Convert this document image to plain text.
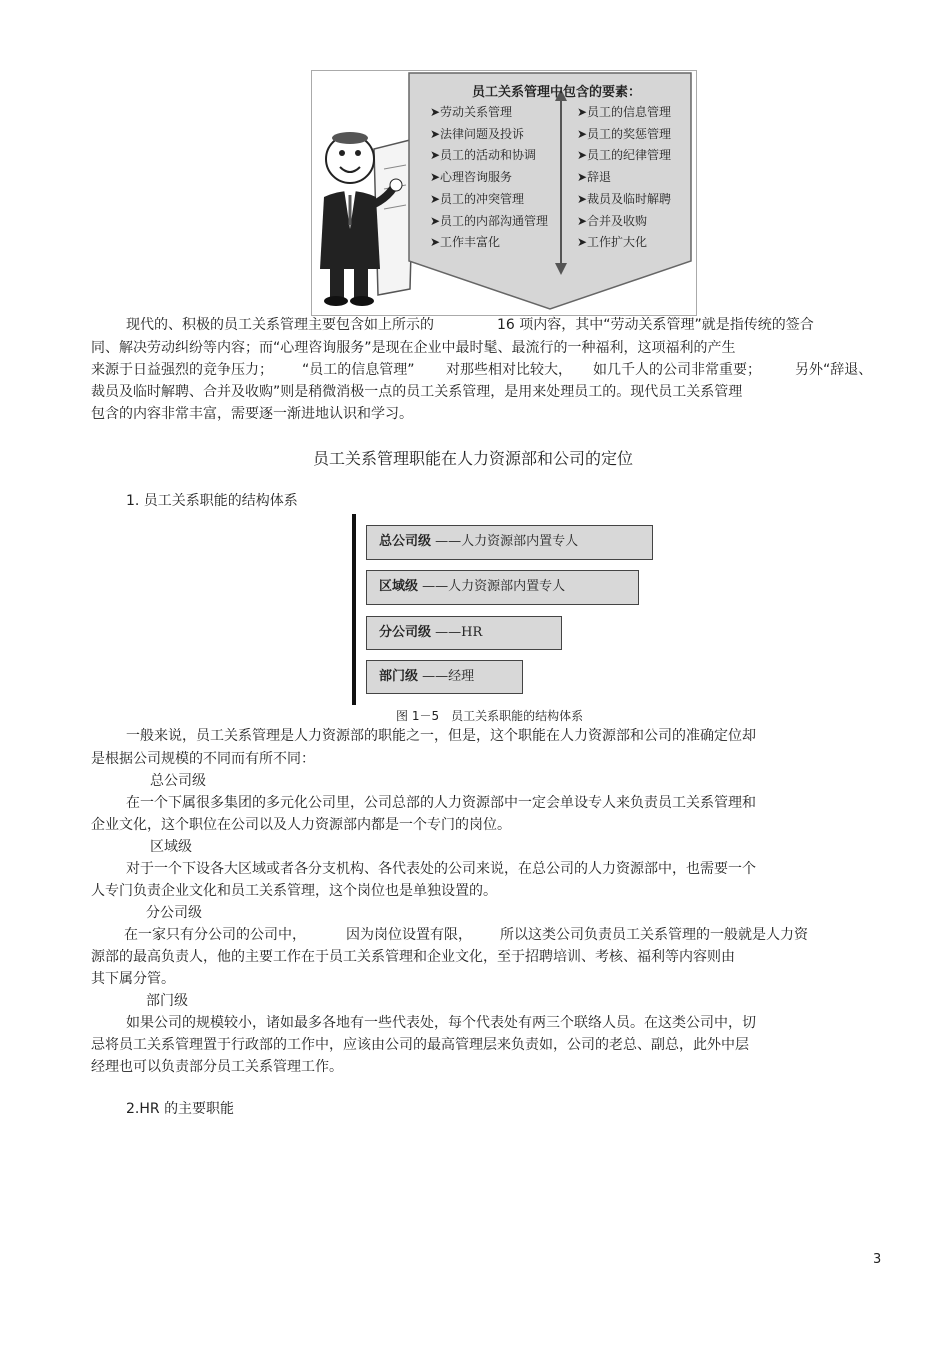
员工关系管理中包含的要素：
➤劳动关系管理
➤法律问题及投诉
➤员工的活动和协调
➤心理咨询服务
➤员工的冲突管理
➤员工的内部沟通管理
➤工作丰富化
➤员工的信息管理
➤员工的奖惩管理
➤员工的纪律管理
➤辞退
➤裁员及临时解聘
➤合并及收购
➤工作扩大化
现代的、积极的员工关系管理主要包含如上所示的	16 项内容，其中“劳动关系管理”就是指传统的签合
同、解决劳动纠纷等内容；而“心理咨询服务”是现在企业中最时髦、最流行的一种福利，这项福利的产生
来源于日益强烈的竞争压力； “员工的信息管理” 对那些相对比较大， 如几千人的公司非常重要； 另外“辞退、
裁员及临时解聘、合并及收购”则是稍微消极一点的员工关系管理，是用来处理员工的。现代员工关系管理
包含的内容非常丰富，需要逐一渐进地认识和学习。
员工关系管理职能在人力资源部和公司的定位
1. 员工关系职能的结构体系
总公司级 ——人力资源部内置专人
区域级 ——人力资源部内置专人
分公司级 ——HR
部门级 ——经理
图 1－5　员工关系职能的结构体系
一般来说，员工关系管理是人力资源部的职能之一，但是，这个职能在人力资源部和公司的准确定位却
是根据公司规模的不同而有所不同：
总公司级
在一个下属很多集团的多元化公司里，公司总部的人力资源部中一定会单设专人来负责员工关系管理和
企业文化，这个职位在公司以及人力资源部内都是一个专门的岗位。
区域级
对于一个下设各大区域或者各分支机构、各代表处的公司来说，在总公司的人力资源部中，也需要一个
人专门负责企业文化和员工关系管理，这个岗位也是单独设置的。
分公司级
在一家只有分公司的公司中，	因为岗位设置有限， 所以这类公司负责员工关系管理的一般就是人力资
源部的最高负责人，他的主要工作在于员工关系管理和企业文化，至于招聘培训、考核、福利等内容则由
其下属分管。
部门级
如果公司的规模较小，诸如最多各地有一些代表处，每个代表处有两三个联络人员。在这类公司中，切
忌将员工关系管理置于行政部的工作中，应该由公司的最高管理层来负责如，公司的老总、副总，此外中层
经理也可以负责部分员工关系管理工作。
2.HR 的主要职能
3
